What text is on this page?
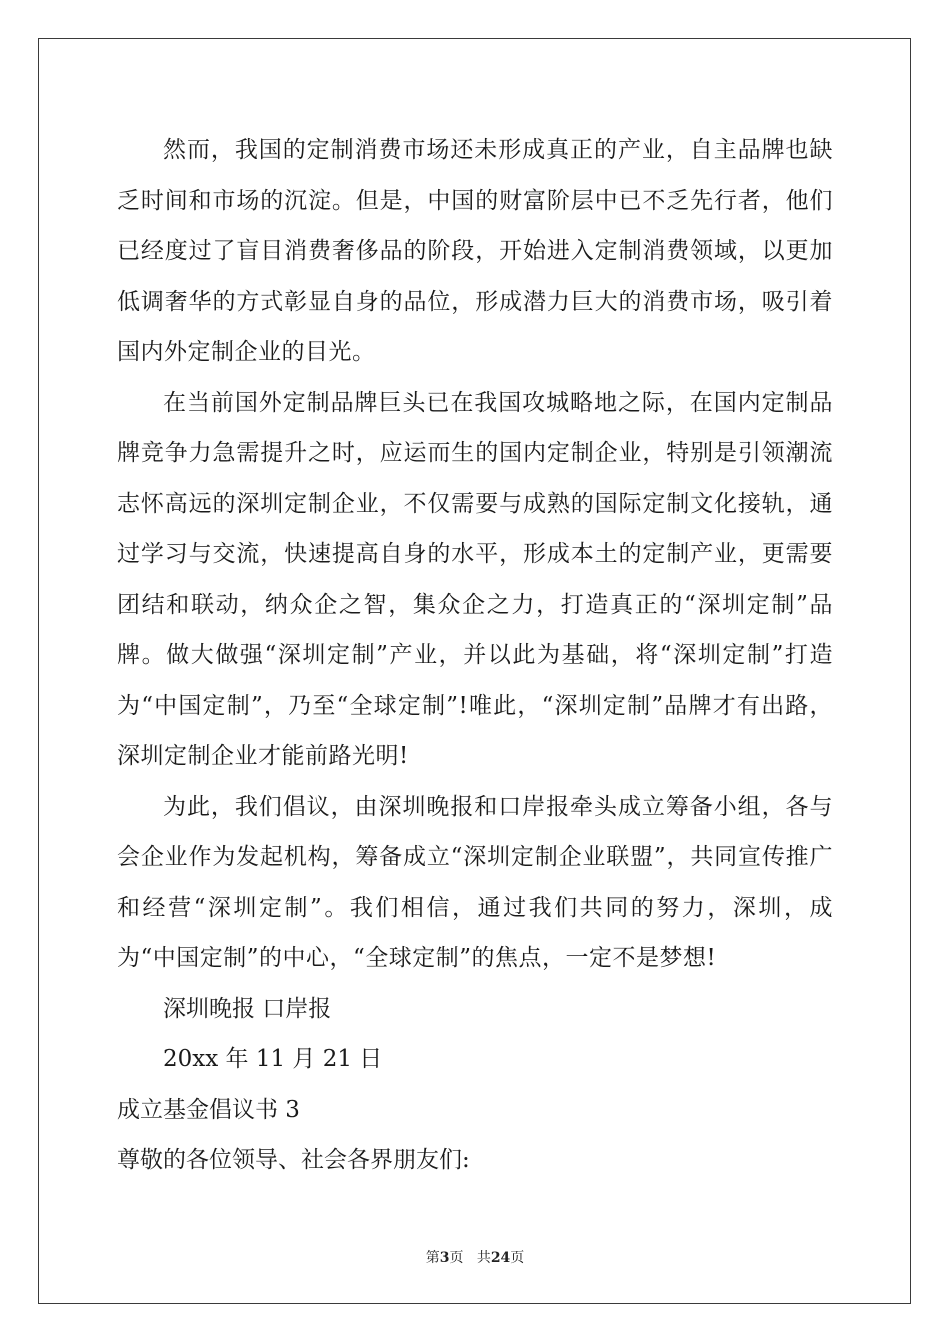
然而，我国的定制消费市场还未形成真正的产业，自主品牌也缺乏时间和市场的沉淀。但是，中国的财富阶层中已不乏先行者，他们已经度过了盲目消费奢侈品的阶段，开始进入定制消费领域，以更加低调奢华的方式彰显自身的品位，形成潜力巨大的消费市场，吸引着国内外定制企业的目光。

在当前国外定制品牌巨头已在我国攻城略地之际，在国内定制品牌竞争力急需提升之时，应运而生的国内定制企业，特别是引领潮流志怀高远的深圳定制企业，不仅需要与成熟的国际定制文化接轨，通过学习与交流，快速提高自身的水平，形成本土的定制产业，更需要团结和联动，纳众企之智，集众企之力，打造真正的“深圳定制”品牌。做大做强“深圳定制”产业，并以此为基础，将“深圳定制”打造为“中国定制”，乃至“全球定制”!唯此，“深圳定制”品牌才有出路，深圳定制企业才能前路光明!

为此，我们倡议，由深圳晚报和口岸报牵头成立筹备小组，各与会企业作为发起机构，筹备成立“深圳定制企业联盟”，共同宣传推广和经营“深圳定制”。我们相信，通过我们共同的努力，深圳，成为“中国定制”的中心，“全球定制”的焦点，一定不是梦想!

深圳晚报 口岸报

20xx 年 11 月 21 日

成立基金倡议书 3

尊敬的各位领导、社会各界朋友们:

第3页 共24页
